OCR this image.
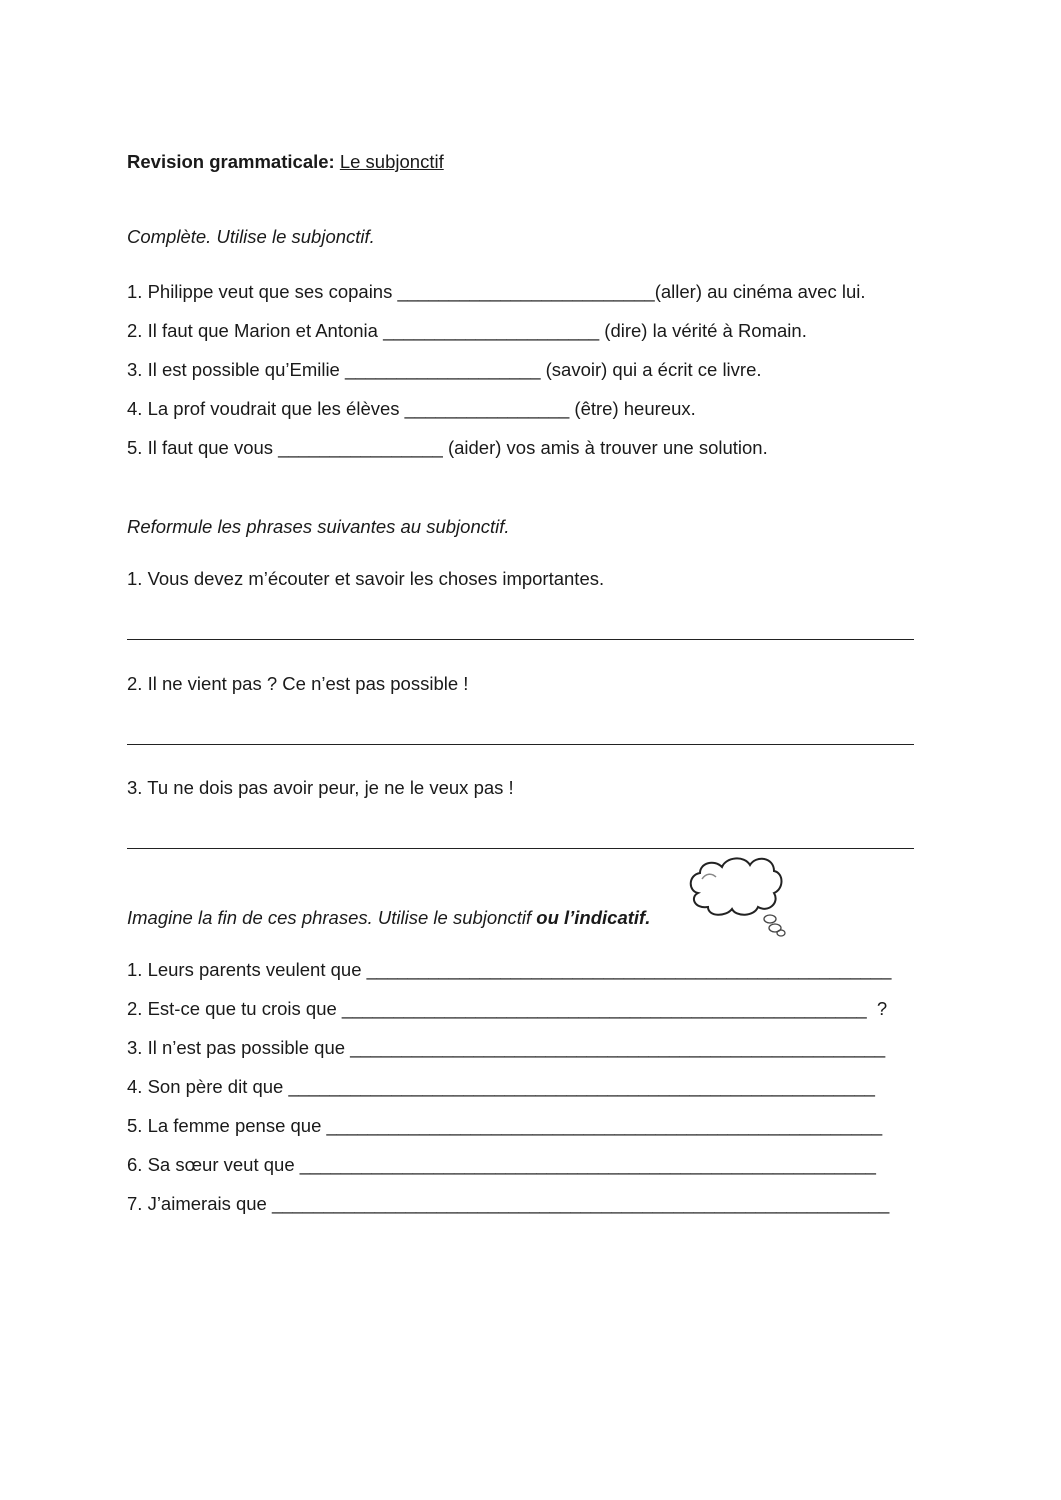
Revision grammaticale: Le subjonctif
Complète. Utilise le subjonctif.
1. Philippe veut que ses copains _________________________(aller) au cinéma avec lui.
2. Il faut que Marion et Antonia _____________________ (dire) la vérité à Romain.
3. Il est possible qu’Emilie ___________________ (savoir) qui a écrit ce livre.
4. La prof voudrait que les élèves ________________ (être) heureux.
5. Il faut que vous ________________ (aider) vos amis à trouver une solution.
Reformule les phrases suivantes au subjonctif.
1. Vous devez m’écouter et savoir les choses importantes.
2. Il ne vient pas ? Ce n’est pas possible !
3. Tu ne dois pas avoir peur, je ne le veux pas !
Imagine la fin de ces phrases. Utilise le subjonctif ou l’indicatif.
1. Leurs parents veulent que ___________________________________________________
2. Est-ce que tu crois que ___________________________________________________  ?
3. Il n’est pas possible que ____________________________________________________
4. Son père dit que _________________________________________________________
5. La femme pense que ______________________________________________________
6. Sa sœur veut que ________________________________________________________
7. J’aimerais que ____________________________________________________________
